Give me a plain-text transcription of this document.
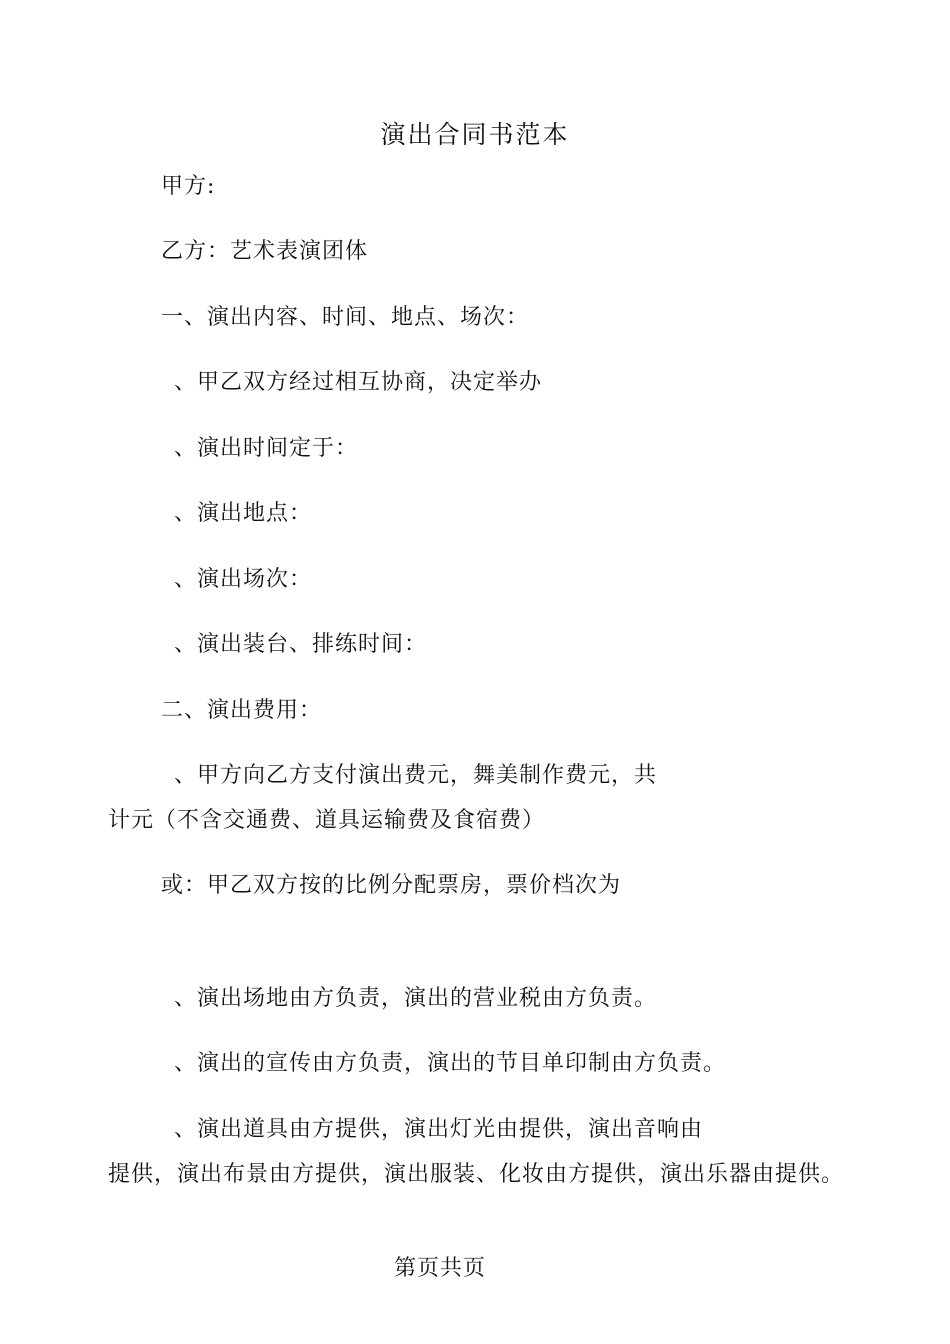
演出合同书范本
甲方:
乙方：艺术表演团体
一、演出内容、时间、地点、场次：
、甲乙双方经过相互协商，决定举办
、演出时间定于：
、演出地点：
、演出场次：
、演出装台、排练时间：
二、演出费用：
、甲方向乙方支付演出费元，舞美制作费元，共
计元（不含交通费、道具运输费及食宿费）
或：甲乙双方按的比例分配票房，票价档次为
、演出场地由方负责，演出的营业税由方负责。
、演出的宣传由方负责，演出的节目单印制由方负责。
、演出道具由方提供，演出灯光由提供，演出音响由
提供，演出布景由方提供，演出服装、化妆由方提供，演出乐器由提供。
第页共页
